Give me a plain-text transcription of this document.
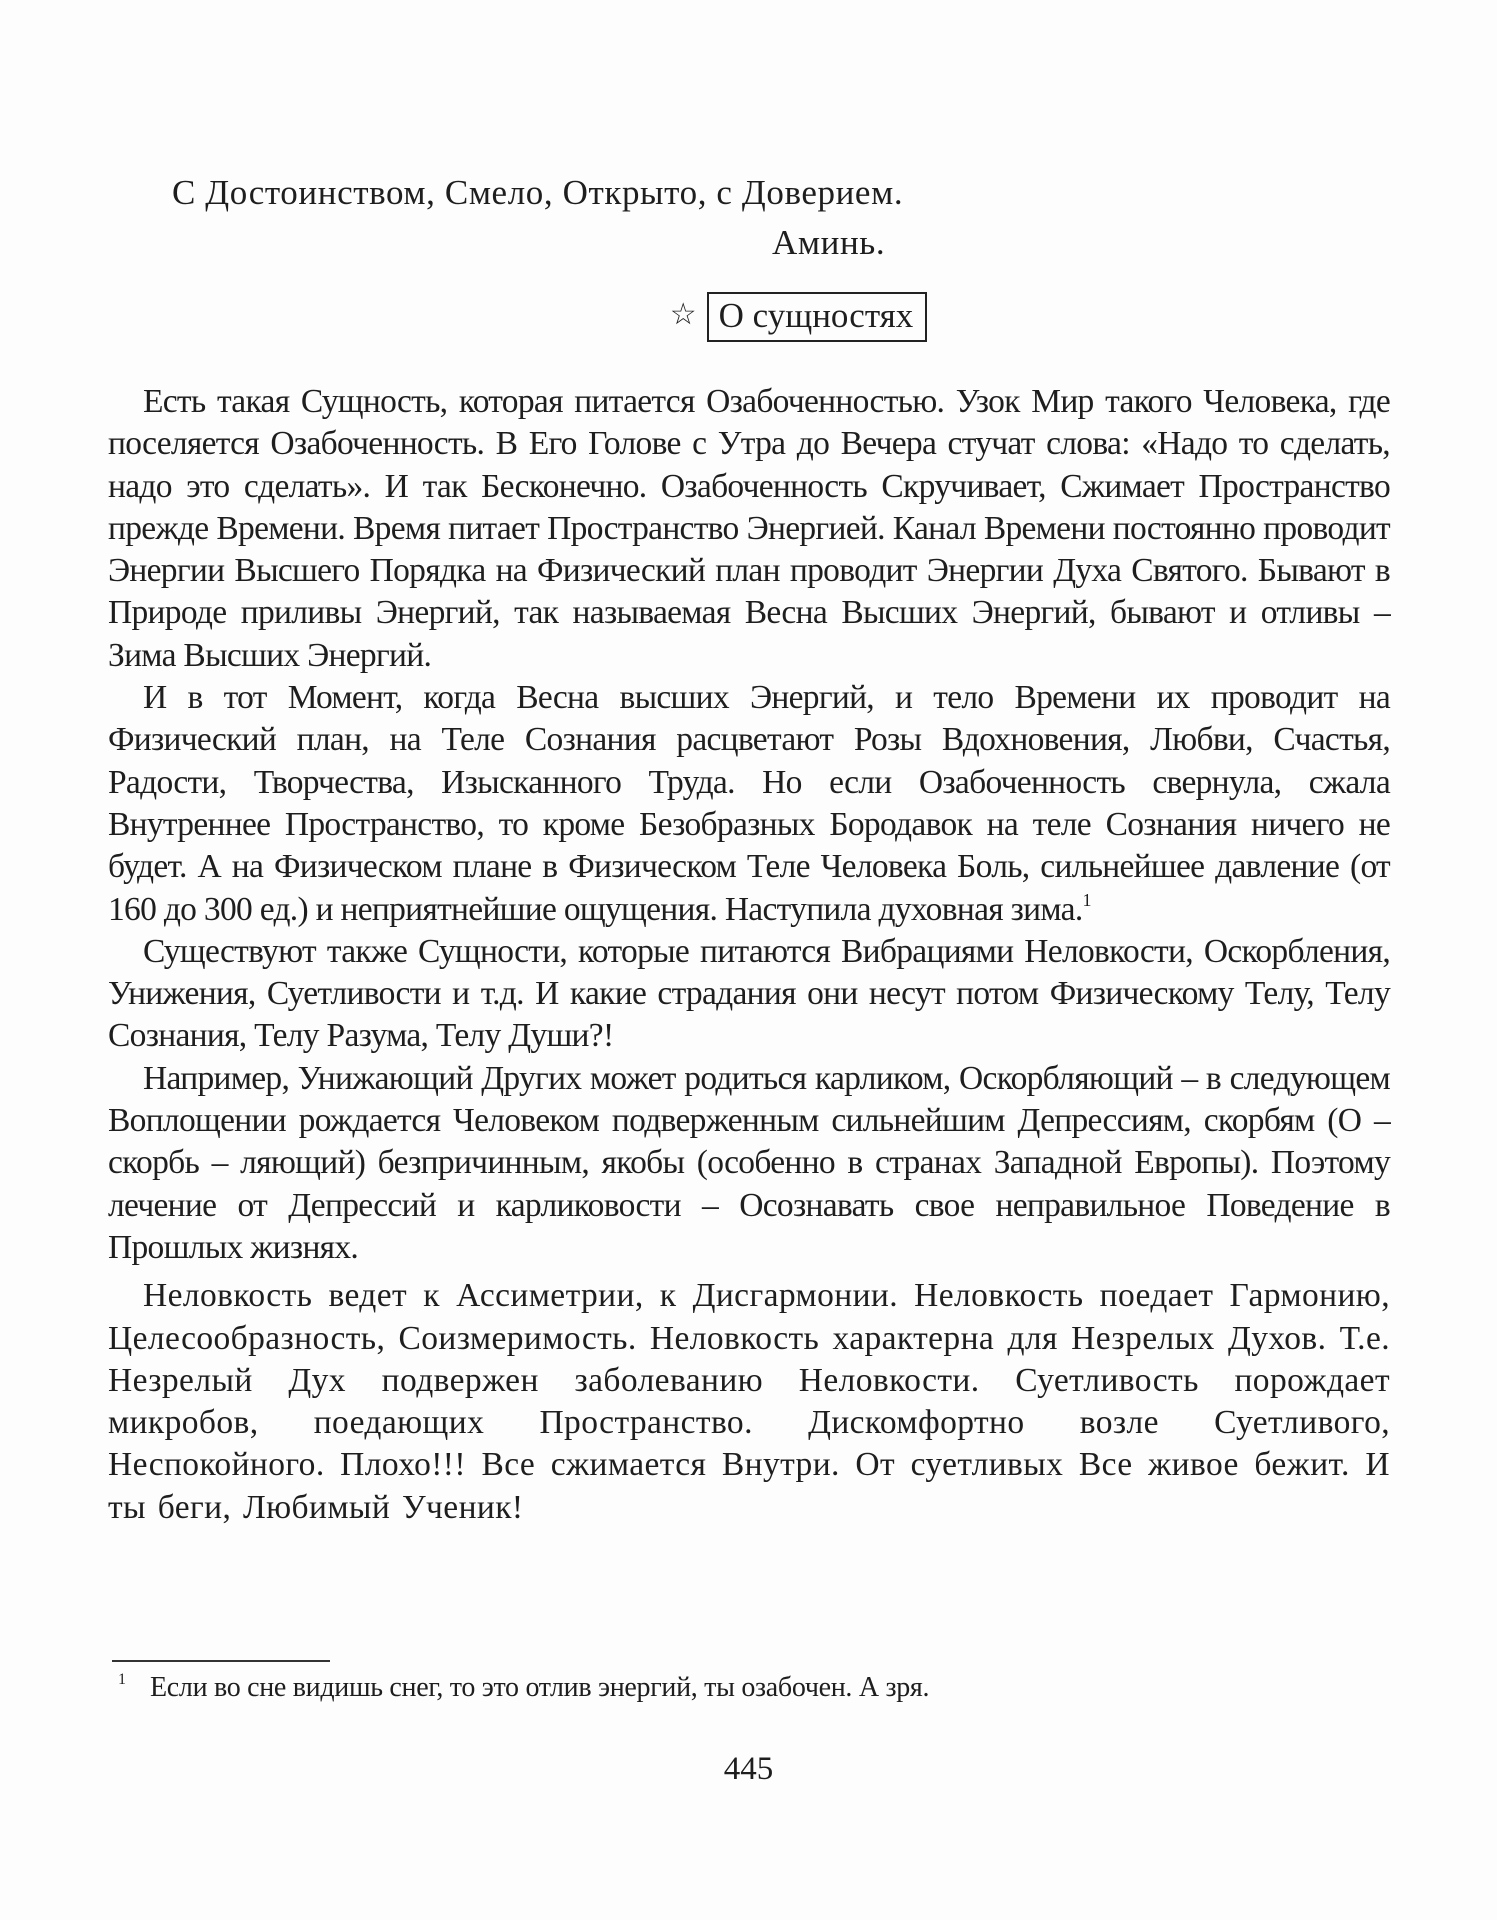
С Достоинством, Смело, Открыто, с Доверием.
Аминь.
☆ О сущностях

Есть такая Сущность, которая питается Озабоченностью. Узок Мир такого Человека, где поселяется Озабоченность. В Его Голове с Утра до Вечера стучат слова: «Надо то сделать, надо это сделать». И так Бесконечно. Озабоченность Скручивает, Сжимает Пространство прежде Времени. Время питает Пространство Энергией. Канал Времени постоянно проводит Энергии Высшего Порядка на Физический план проводит Энергии Духа Святого. Бывают в Природе приливы Энергий, так называемая Весна Высших Энергий, бывают и отливы – Зима Высших Энергий.

И в тот Момент, когда Весна высших Энергий, и тело Времени их проводит на Физический план, на Теле Сознания расцветают Розы Вдохновения, Любви, Счастья, Радости, Творчества, Изысканного Труда. Но если Озабоченность свернула, сжала Внутреннее Пространство, то кроме Безобразных Бородавок на теле Сознания ничего не будет. А на Физическом плане в Физическом Теле Человека Боль, сильнейшее давление (от 160 до 300 ед.) и неприятнейшие ощущения. Наступила духовная зима.$^1$

Существуют также Сущности, которые питаются Вибрациями Неловкости, Оскорбления, Унижения, Суетливости и т.д. И какие страдания они несут потом Физическому Телу, Телу Сознания, Телу Разума, Телу Души?!

Например, Унижающий Других может родиться карликом, Оскорбляющий – в следующем Воплощении рождается Человеком подверженным сильнейшим Депрессиям, скорбям (О – скорбь – ляющий) безпричинным, якобы (особенно в странах Западной Европы). Поэтому лечение от Депрессий и карликовости – Осознавать свое неправильное Поведение в Прошлых жизнях.

Неловкость ведет к Ассиметрии, к Дисгармонии. Неловкость поедает Гармонию, Целесообразность, Соизмеримость. Неловкость характерна для Незрелых Духов. Т.е. Незрелый Дух подвержен заболеванию Неловкости. Суетливость порождает микробов, поедающих Пространство. Дискомфортно возле Суетливого, Неспокойного. Плохо!!! Все сжимается Внутри. От суетливых Все живое бежит. И ты беги, Любимый Ученик!

1 Если во сне видишь снег, то это отлив энергий, ты озабочен. А зря.
445
